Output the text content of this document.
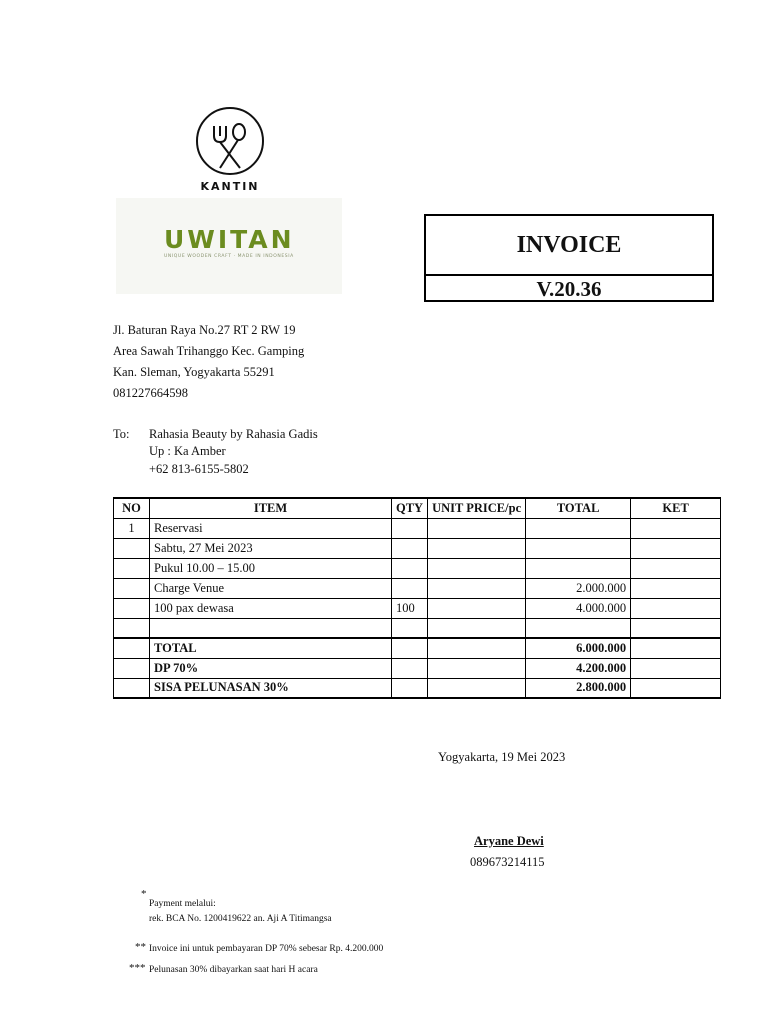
KANTIN
UWITAN
UNIQUE WOODEN CRAFT · MADE IN INDONESIA	INVOICE
V.20.36
Jl. Baturan Raya No.27 RT 2 RW 19
Area Sawah Trihanggo Kec. Gamping
Kan. Sleman, Yogyakarta 55291
081227664598
To: Rahasia Beauty by Rahasia Gadis
Up : Ka Amber
+62 813-6155-5802
NO	ITEM	QTY	UNIT PRICE/pc	TOTAL	KET
1	Reservasi				
	Sabtu, 27 Mei 2023				
	Pukul 10.00 – 15.00				
	Charge Venue			2.000.000	
	100 pax dewasa	100		4.000.000	

	TOTAL			6.000.000	
	DP 70%			4.200.000	
	SISA PELUNASAN 30%			2.800.000	
Yogyakarta, 19 Mei 2023
Aryane Dewi
089673214115
*
Payment melalui:
rek. BCA No. 1200419622 an. Aji A Titimangsa
** Invoice ini untuk pembayaran DP 70% sebesar Rp. 4.200.000
*** Pelunasan 30% dibayarkan saat hari H acara
